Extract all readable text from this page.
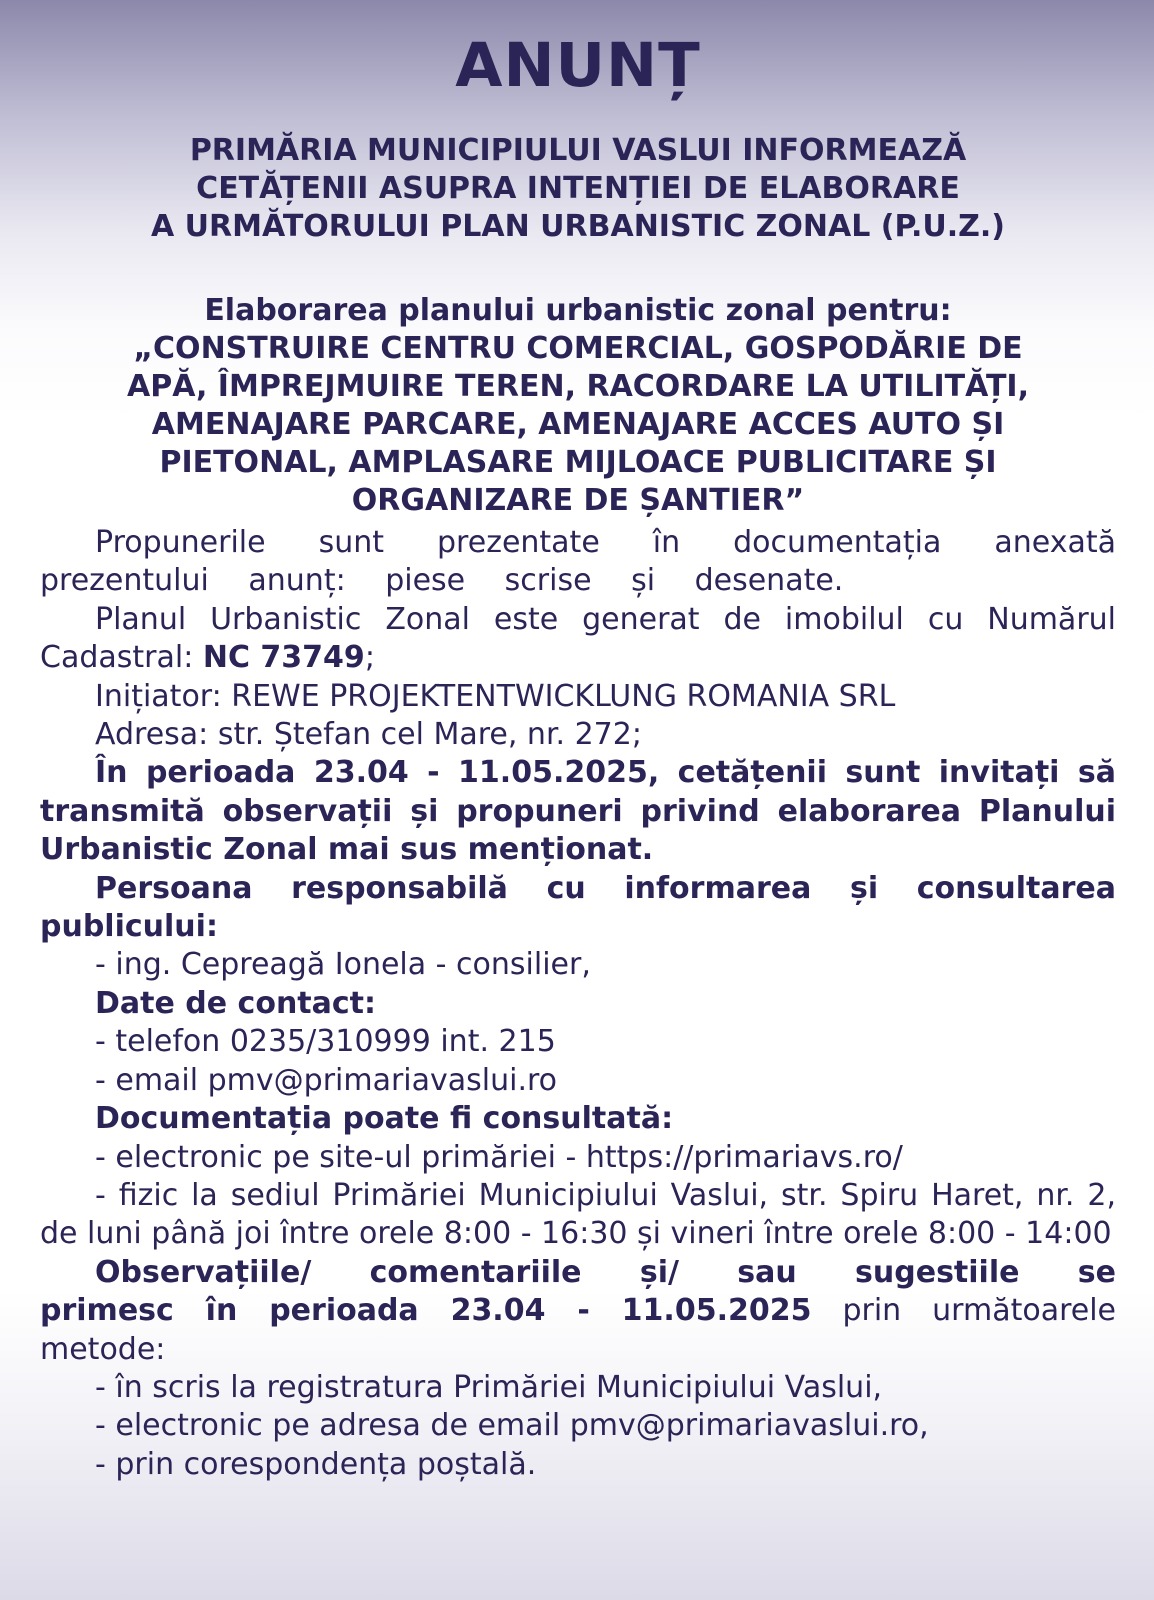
ANUNȚ
PRIMĂRIA MUNICIPIULUI VASLUI INFORMEAZĂ
CETĂȚENII ASUPRA INTENȚIEI DE ELABORARE
A URMĂTORULUI PLAN URBANISTIC ZONAL (P.U.Z.)
Elaborarea planului urbanistic zonal pentru:
„CONSTRUIRE CENTRU COMERCIAL, GOSPODĂRIE DE
APĂ, ÎMPREJMUIRE TEREN, RACORDARE LA UTILITĂȚI,
AMENAJARE PARCARE, AMENAJARE ACCES AUTO ȘI
PIETONAL, AMPLASARE MIJLOACE PUBLICITARE ȘI
ORGANIZARE DE ȘANTIER”

Propunerile sunt prezentate în documentația anexată prezentului anunț: piese scrise și desenate.

Planul Urbanistic Zonal este generat de imobilul cu Numărul Cadastral: NC 73749;

Inițiator: REWE PROJEKTENTWICKLUNG ROMANIA SRL

Adresa: str. Ștefan cel Mare, nr. 272;

În perioada 23.04 - 11.05.2025, cetățenii sunt invitați să transmită observații și propuneri privind elaborarea Planului Urbanistic Zonal mai sus menționat.

Persoana responsabilă cu informarea și consultarea publicului:

- ing. Cepreagă Ionela - consilier,

Date de contact:

- telefon 0235/310999 int. 215

- email pmv@primariavaslui.ro

Documentația poate fi consultată:

- electronic pe site-ul primăriei - https://primariavs.ro/

- fizic la sediul Primăriei Municipiului Vaslui, str. Spiru Haret, nr. 2, de luni până joi între orele 8:00 - 16:30 și vineri între orele 8:00 - 14:00

Observațiile/ comentariile și/ sau sugestiile se primesc în perioada 23.04 - 11.05.2025 prin următoarele metode:

- în scris la registratura Primăriei Municipiului Vaslui,

- electronic pe adresa de email pmv@primariavaslui.ro,

- prin corespondența poștală.
